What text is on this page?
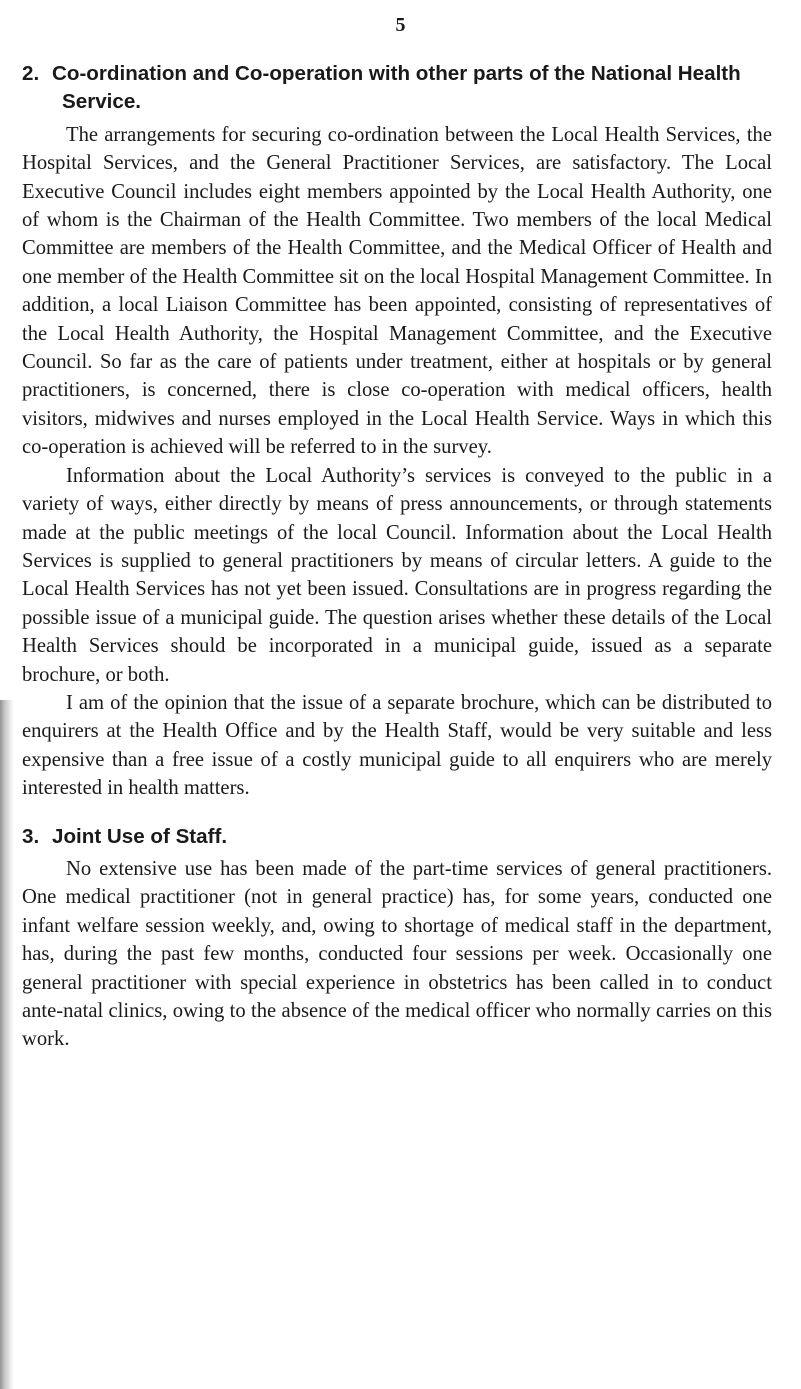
5
2. Co-ordination and Co-operation with other parts of the National Health Service.

The arrangements for securing co-ordination between the Local Health Services, the Hospital Services, and the General Practitioner Services, are satisfactory. The Local Executive Council includes eight members appointed by the Local Health Authority, one of whom is the Chairman of the Health Committee. Two members of the local Medical Committee are members of the Health Committee, and the Medical Officer of Health and one member of the Health Committee sit on the local Hospital Management Committee. In addition, a local Liaison Committee has been appointed, consisting of representatives of the Local Health Authority, the Hospital Management Committee, and the Executive Council. So far as the care of patients under treatment, either at hospitals or by general practitioners, is concerned, there is close co-operation with medical officers, health visitors, midwives and nurses employed in the Local Health Service. Ways in which this co-operation is achieved will be referred to in the survey.

Information about the Local Authority’s services is conveyed to the public in a variety of ways, either directly by means of press announcements, or through statements made at the public meetings of the local Council. Information about the Local Health Services is supplied to general practitioners by means of circular letters. A guide to the Local Health Services has not yet been issued. Consultations are in progress regarding the possible issue of a municipal guide. The question arises whether these details of the Local Health Services should be incorporated in a municipal guide, issued as a separate brochure, or both.

I am of the opinion that the issue of a separate brochure, which can be distributed to enquirers at the Health Office and by the Health Staff, would be very suitable and less expensive than a free issue of a costly municipal guide to all enquirers who are merely interested in health matters.

3. Joint Use of Staff.

No extensive use has been made of the part-time services of general practitioners. One medical practitioner (not in general practice) has, for some years, conducted one infant welfare session weekly, and, owing to shortage of medical staff in the department, has, during the past few months, conducted four sessions per week. Occasionally one general practitioner with special experience in obstetrics has been called in to conduct ante-natal clinics, owing to the absence of the medical officer who normally carries on this work.
